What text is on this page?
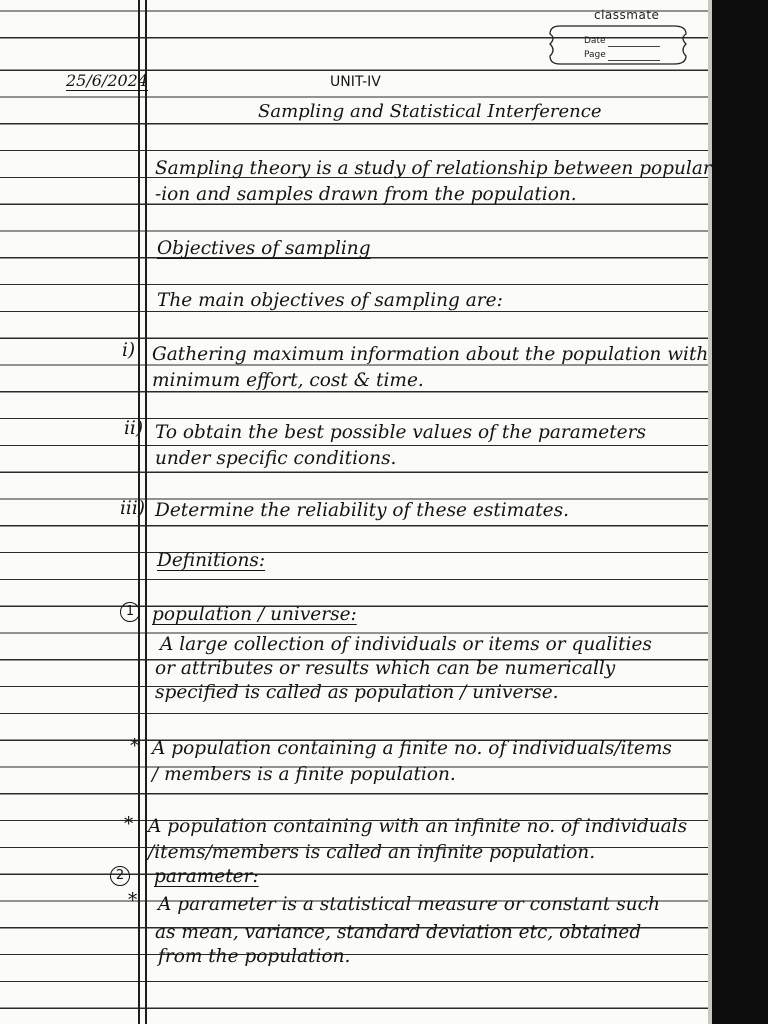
classmate
Date
Page
25/6/2024	UNIT-IV
Sampling and Statistical Interference
Sampling theory is a study of relationship between popular
-ion and samples drawn from the population.
Objectives of sampling
The main objectives of sampling are:
i) Gathering maximum information about the population with
minimum effort, cost & time.
ii) To obtain the best possible values of the parameters
under specific conditions.
iii) Determine the reliability of these estimates.
Definitions:
1 population / universe:
A large collection of individuals or items or qualities
or attributes or results which can be numerically
specified is called as population / universe.
* A population containing a finite no. of individuals/items
/ members is a finite population.
* A population containing with an infinite no. of individuals
/items/members is called an infinite population.
2	parameter:
* A parameter is a statistical measure or constant such
as mean, variance, standard deviation etc, obtained
from the population.
